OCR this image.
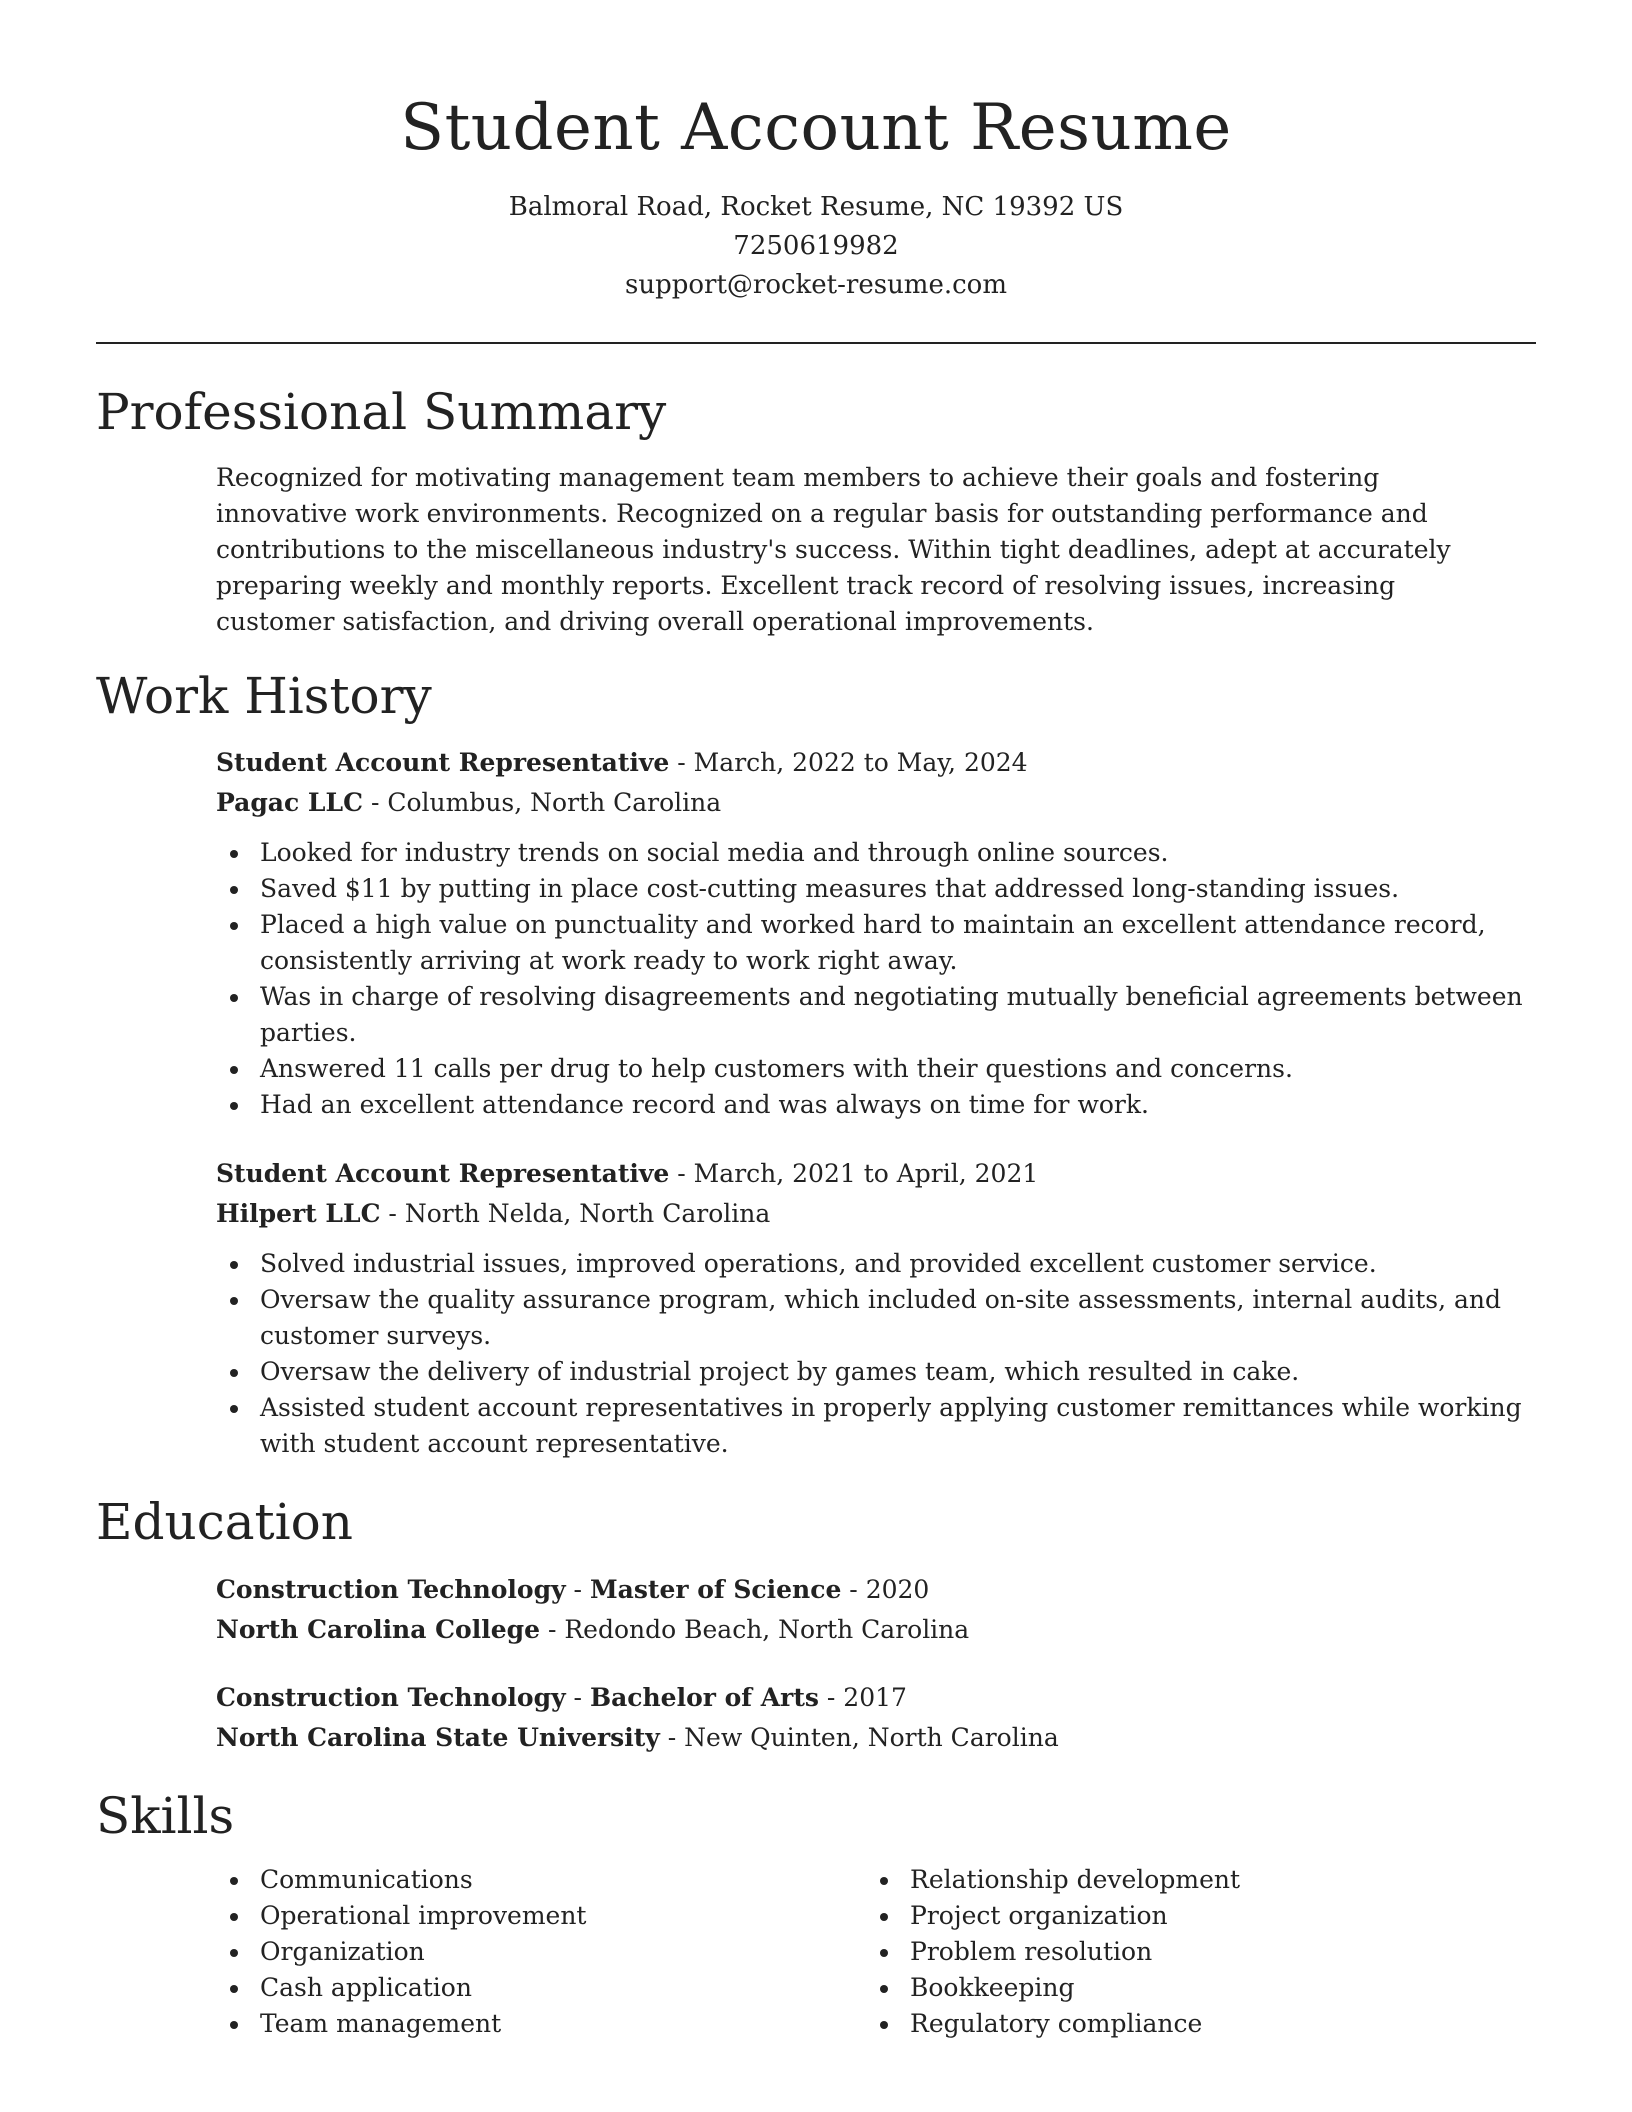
Student Account Resume
Balmoral Road, Rocket Resume, NC 19392 US
7250619982
support@rocket-resume.com
Professional Summary

Recognized for motivating management team members to achieve their goals and fostering innovative work environments. Recognized on a regular basis for outstanding performance and contributions to the miscellaneous industry's success. Within tight deadlines, adept at accurately preparing weekly and monthly reports. Excellent track record of resolving issues, increasing customer satisfaction, and driving overall operational improvements.

Work History
Student Account Representative - March, 2022 to May, 2024
Pagac LLC - Columbus, North Carolina
Looked for industry trends on social media and through online sources.
Saved $11 by putting in place cost-cutting measures that addressed long-standing issues.
Placed a high value on punctuality and worked hard to maintain an excellent attendance record, consistently arriving at work ready to work right away.
Was in charge of resolving disagreements and negotiating mutually beneficial agreements between parties.
Answered 11 calls per drug to help customers with their questions and concerns.
Had an excellent attendance record and was always on time for work.
Student Account Representative - March, 2021 to April, 2021
Hilpert LLC - North Nelda, North Carolina
Solved industrial issues, improved operations, and provided excellent customer service.
Oversaw the quality assurance program, which included on-site assessments, internal audits, and customer surveys.
Oversaw the delivery of industrial project by games team, which resulted in cake.
Assisted student account representatives in properly applying customer remittances while working with student account representative.
Education
Construction Technology - Master of Science - 2020
North Carolina College - Redondo Beach, North Carolina
Construction Technology - Bachelor of Arts - 2017
North Carolina State University - New Quinten, North Carolina
Skills
Communications
Operational improvement
Organization
Cash application
Team management
Relationship development
Project organization
Problem resolution
Bookkeeping
Regulatory compliance
